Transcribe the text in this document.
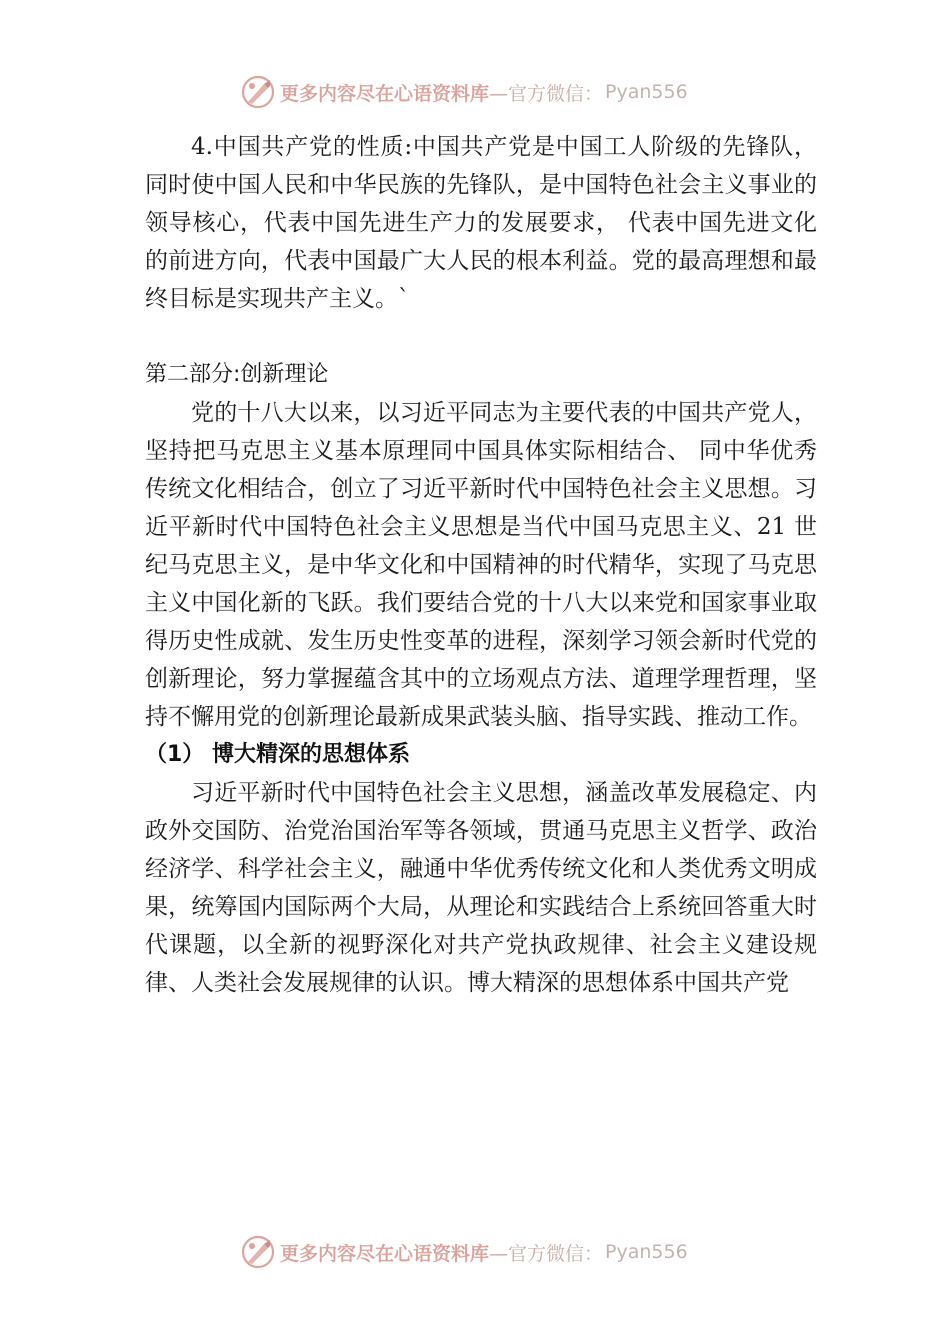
更多内容尽在心语资料库 —官方微信： Pyan556

4.中国共产党的性质:中国共产党是中国工人阶级的先锋队，同时使中国人民和中华民族的先锋队，是中国特色社会主义事业的领导核心，代表中国先进生产力的发展要求， 代表中国先进文化的前进方向，代表中国最广大人民的根本利益。党的最高理想和最终目标是实现共产主义。`

第二部分:创新理论

党的十八大以来，以习近平同志为主要代表的中国共产党人，坚持把马克思主义基本原理同中国具体实际相结合、 同中华优秀传统文化相结合，创立了习近平新时代中国特色社会主义思想。习近平新时代中国特色社会主义思想是当代中国马克思主义、21 世纪马克思主义，是中华文化和中国精神的时代精华，实现了马克思主义中国化新的飞跃。我们要结合党的十八大以来党和国家事业取得历史性成就、发生历史性变革的进程，深刻学习领会新时代党的创新理论，努力掌握蕴含其中的立场观点方法、道理学理哲理，坚持不懈用党的创新理论最新成果武装头脑、指导实践、推动工作。

（1） 博大精深的思想体系

习近平新时代中国特色社会主义思想，涵盖改革发展稳定、内政外交国防、治党治国治军等各领域，贯通马克思主义哲学、政治经济学、科学社会主义，融通中华优秀传统文化和人类优秀文明成果，统筹国内国际两个大局，从理论和实践结合上系统回答重大时代课题，以全新的视野深化对共产党执政规律、社会主义建设规律、人类社会发展规律的认识。博大精深的思想体系中国共产党

更多内容尽在心语资料库 —官方微信： Pyan556
